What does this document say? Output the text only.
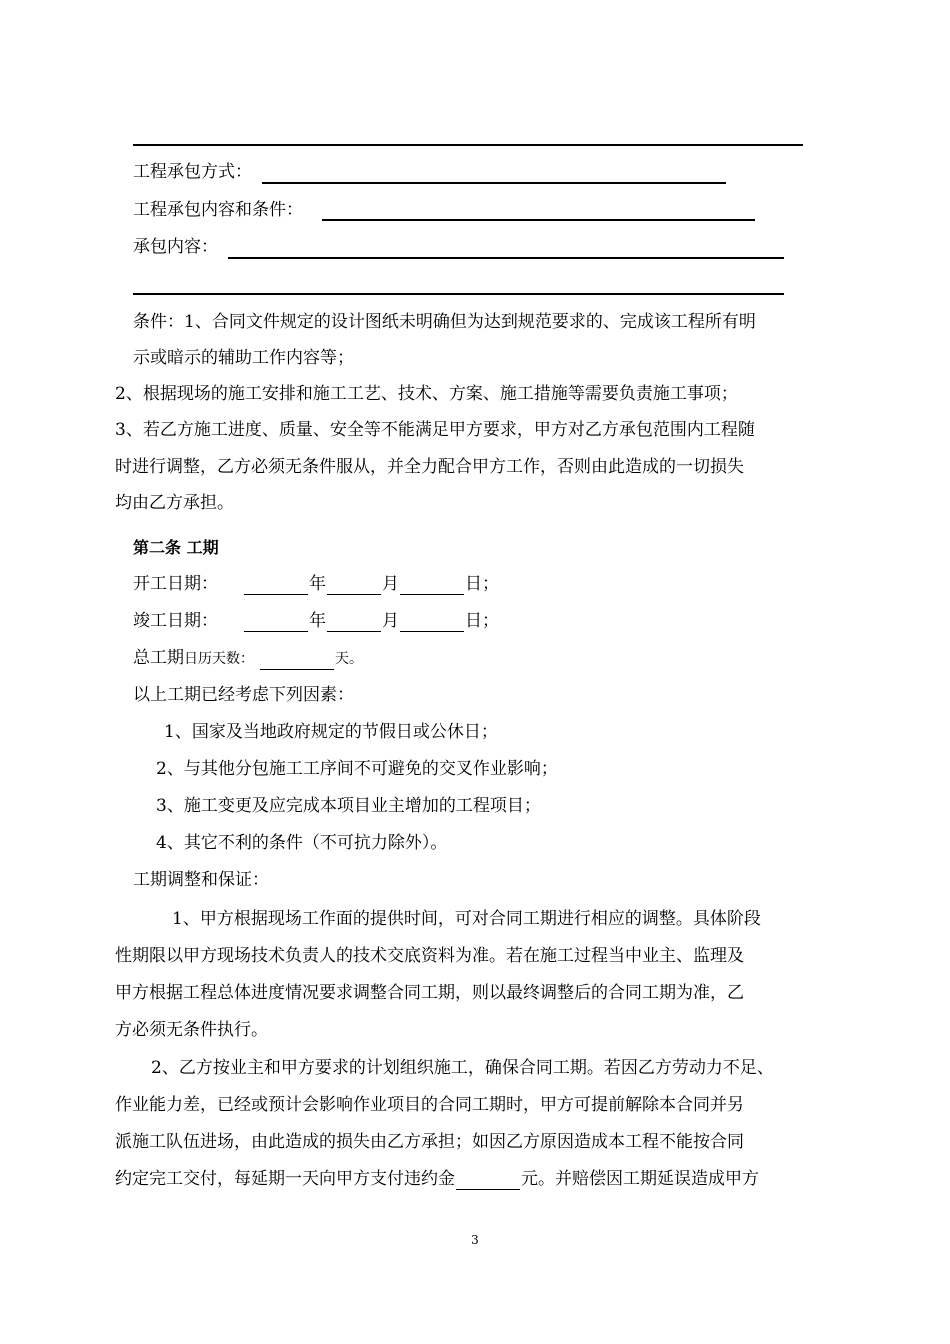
工程承包方式：
工程承包内容和条件：
承包内容：
条件：1、合同文件规定的设计图纸未明确但为达到规范要求的、完成该工程所有明
示或暗示的辅助工作内容等；
2、根据现场的施工安排和施工工艺、技术、方案、施工措施等需要负责施工事项；
3、若乙方施工进度、质量、安全等不能满足甲方要求，甲方对乙方承包范围内工程随
时进行调整，乙方必须无条件服从，并全力配合甲方工作，否则由此造成的一切损失
均由乙方承担。
第二条 工期
开工日期：	年	月	日；
竣工日期：	年	月	日；
总工期日历天数：	天。
以上工期已经考虑下列因素：
1、国家及当地政府规定的节假日或公休日；
2、与其他分包施工工序间不可避免的交叉作业影响；
3、施工变更及应完成本项目业主增加的工程项目；
4、其它不利的条件（不可抗力除外）。
工期调整和保证：
1、甲方根据现场工作面的提供时间，可对合同工期进行相应的调整。具体阶段
性期限以甲方现场技术负责人的技术交底资料为准。若在施工过程当中业主、监理及
甲方根据工程总体进度情况要求调整合同工期，则以最终调整后的合同工期为准，乙
方必须无条件执行。
2、乙方按业主和甲方要求的计划组织施工，确保合同工期。若因乙方劳动力不足、
作业能力差，已经或预计会影响作业项目的合同工期时，甲方可提前解除本合同并另
派施工队伍进场，由此造成的损失由乙方承担；如因乙方原因造成本工程不能按合同
约定完工交付，每延期一天向甲方支付违约金	元。并赔偿因工期延误造成甲方
3
